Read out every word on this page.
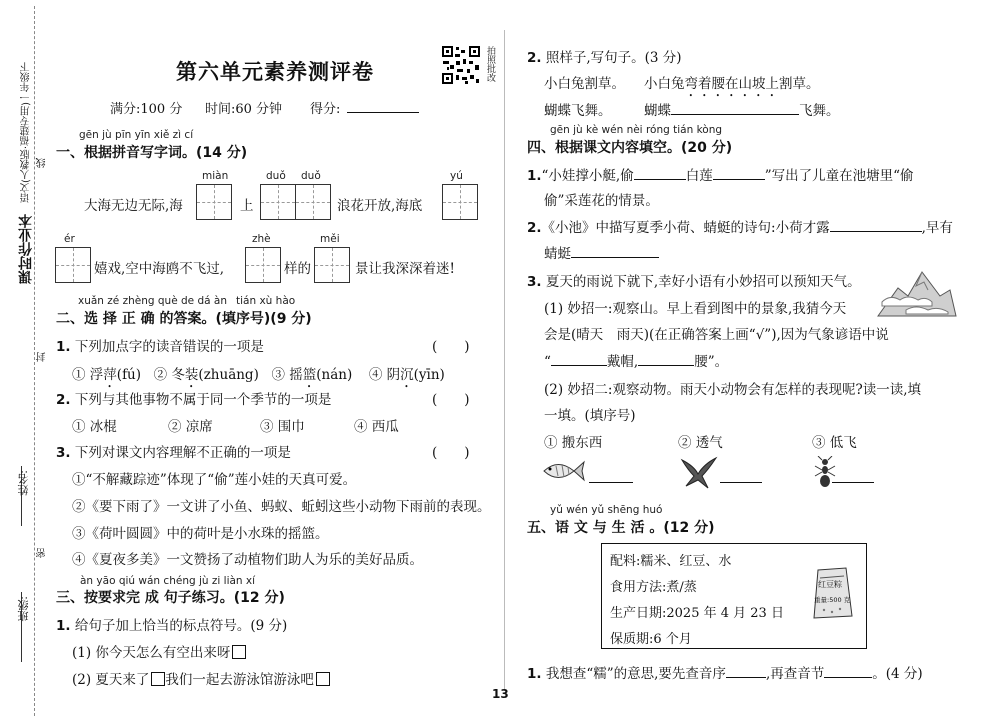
课时作业本
语文(人教版·福建专用)一年级下 线
封
密
姓名:
班级:
第六单元素养测评卷	拍照批改
满分:100 分 时间:60 分钟 得分:
gēn jù pīn yīn xiě zì cí
一、根据拼音写字词。(14 分)
miàn	duǒ duǒ	yú
大海无边无际,海	上	浪花开放,海底
ér	zhè	měi
嬉戏,空中海鸥不飞过,	样的	景让我深深着迷!
xuǎn zé zhèng què de dá àn tián xù hào
二、选 择 正 确 的答案。(填序号)(9 分)
1. 下列加点字的读音错误的一项是	(　　)
① 浮萍(fú) ② 冬装(zhuāng) ③ 摇篮(nán) ④ 阴沉(yīn)
2. 下列与其他事物不属于同一个季节的一项是	(　　)
① 冰棍	② 凉席	③ 围巾	④ 西瓜
3. 下列对课文内容理解不正确的一项是	(　　)
①“不解藏踪迹”体现了“偷”莲小娃的天真可爱。
②《要下雨了》一文讲了小鱼、蚂蚁、蚯蚓这些小动物下雨前的表现。
③《荷叶圆圆》中的荷叶是小水珠的摇篮。
④《夏夜多美》一文赞扬了动植物们助人为乐的美好品质。
àn yāo qiú wán chéng jù zi liàn xí
三、按要求完 成 句子练习。(12 分)
1. 给句子加上恰当的标点符号。(9 分)
(1) 你今天怎么有空出来呀
(2) 夏天来了 我们一起去游泳馆游泳吧
13
2. 照样子,写句子。(3 分)
小白兔割草。 小白兔弯着腰在山坡上割草。
蝴蝶飞舞。 蝴蝶	飞舞。
gēn jù kè wén nèi róng tián kòng
四、根据课文内容填空。(20 分)
1.“小娃撑小艇,偷	白莲	”写出了儿童在池塘里“偷
偷”采莲花的情景。
2.《小池》中描写夏季小荷、蜻蜓的诗句:小荷才露	,早有
蜻蜓
3. 夏天的雨说下就下,幸好小语有小妙招可以预知天气。
(1) 妙招一:观察山。早上看到图中的景象,我猜今天
会是(晴天　雨天)(在正确答案上画“√”),因为气象谚语中说
“	戴帽,	腰”。
(2) 妙招二:观察动物。雨天小动物会有怎样的表现呢?读一读,填
一填。(填序号)
① 搬东西	② 透气	③ 低飞
yǔ wén yǔ shēng huó
五、语 文 与 生 活 。(12 分)
配料:糯米、红豆、水
食用方法:煮/蒸
生产日期:2025 年 4 月 23 日
保质期:6 个月
红豆粽
重量:500 克
1. 我想查“糯”的意思,要先查音序	,再查音节	。(4 分)
